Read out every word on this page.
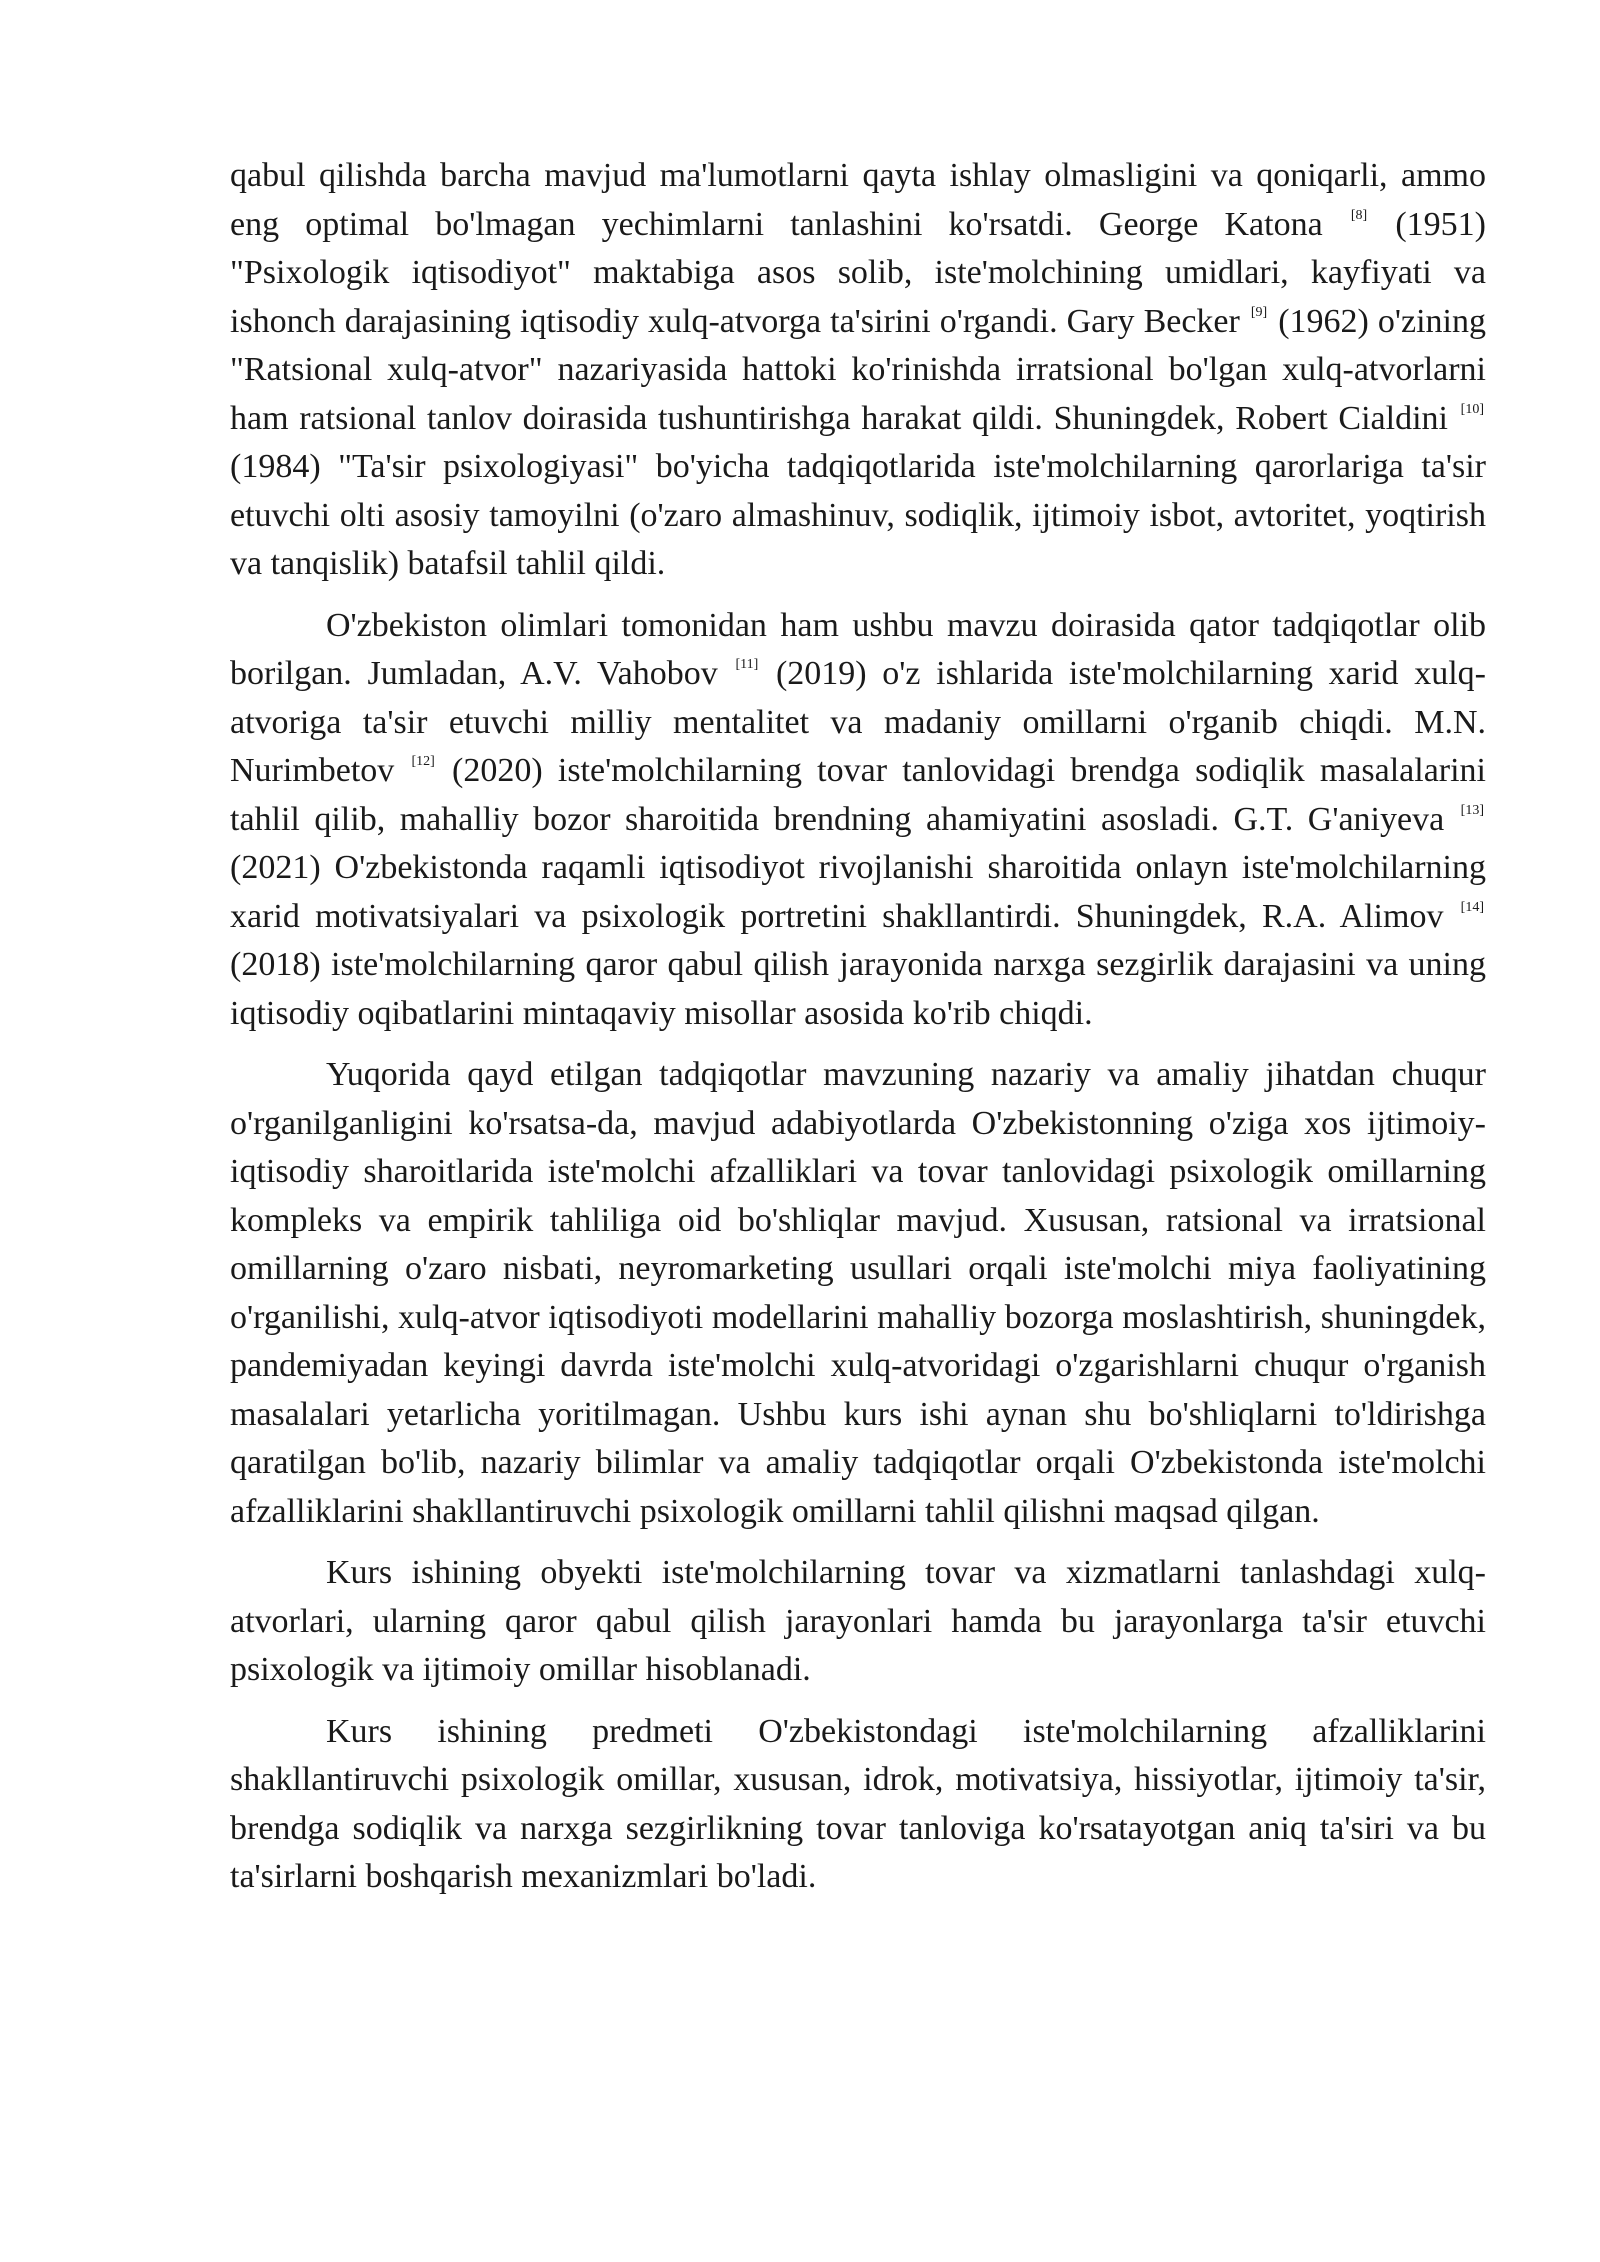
qabul qilishda barcha mavjud ma'lumotlarni qayta ishlay olmasligini va qoniqarli, ammo eng optimal bo'lmagan yechimlarni tanlashini ko'rsatdi. George Katona [8] (1951) "Psixologik iqtisodiyot" maktabiga asos solib, iste'molchining umidlari, kayfiyati va ishonch darajasining iqtisodiy xulq-atvorga ta'sirini o'rgandi. Gary Becker [9] (1962) o'zining "Ratsional xulq-atvor" nazariyasida hattoki ko'rinishda irratsional bo'lgan xulq-atvorlarni ham ratsional tanlov doirasida tushuntirishga harakat qildi. Shuningdek, Robert Cialdini [10] (1984) "Ta'sir psixologiyasi" bo'yicha tadqiqotlarida iste'molchilarning qarorlariga ta'sir etuvchi olti asosiy tamoyilni (o'zaro almashinuv, sodiqlik, ijtimoiy isbot, avtoritet, yoqtirish va tanqislik) batafsil tahlil qildi.

O'zbekiston olimlari tomonidan ham ushbu mavzu doirasida qator tadqiqotlar olib borilgan. Jumladan, A.V. Vahobov [11] (2019) o'z ishlarida iste'molchilarning xarid xulq-atvoriga ta'sir etuvchi milliy mentalitet va madaniy omillarni o'rganib chiqdi. M.N. Nurimbetov [12] (2020) iste'molchilarning tovar tanlovidagi brendga sodiqlik masalalarini tahlil qilib, mahalliy bozor sharoitida brendning ahamiyatini asosladi. G.T. G'aniyeva [13] (2021) O'zbekistonda raqamli iqtisodiyot rivojlanishi sharoitida onlayn iste'molchilarning xarid motivatsiyalari va psixologik portretini shakllantirdi. Shuningdek, R.A. Alimov [14] (2018) iste'molchilarning qaror qabul qilish jarayonida narxga sezgirlik darajasini va uning iqtisodiy oqibatlarini mintaqaviy misollar asosida ko'rib chiqdi.

Yuqorida qayd etilgan tadqiqotlar mavzuning nazariy va amaliy jihatdan chuqur o'rganilganligini ko'rsatsa-da, mavjud adabiyotlarda O'zbekistonning o'ziga xos ijtimoiy-iqtisodiy sharoitlarida iste'molchi afzalliklari va tovar tanlovidagi psixologik omillarning kompleks va empirik tahliliga oid bo'shliqlar mavjud. Xususan, ratsional va irratsional omillarning o'zaro nisbati, neyromarketing usullari orqali iste'molchi miya faoliyatining o'rganilishi, xulq-atvor iqtisodiyoti modellarini mahalliy bozorga moslashtirish, shuningdek, pandemiyadan keyingi davrda iste'molchi xulq-atvoridagi o'zgarishlarni chuqur o'rganish masalalari yetarlicha yoritilmagan. Ushbu kurs ishi aynan shu bo'shliqlarni to'ldirishga qaratilgan bo'lib, nazariy bilimlar va amaliy tadqiqotlar orqali O'zbekistonda iste'molchi afzalliklarini shakllantiruvchi psixologik omillarni tahlil qilishni maqsad qilgan.

Kurs ishining obyekti iste'molchilarning tovar va xizmatlarni tanlashdagi xulq-atvorlari, ularning qaror qabul qilish jarayonlari hamda bu jarayonlarga ta'sir etuvchi psixologik va ijtimoiy omillar hisoblanadi.

Kurs ishining predmeti O'zbekistondagi iste'molchilarning afzalliklarini shakllantiruvchi psixologik omillar, xususan, idrok, motivatsiya, hissiyotlar, ijtimoiy ta'sir, brendga sodiqlik va narxga sezgirlikning tovar tanloviga ko'rsatayotgan aniq ta'siri va bu ta'sirlarni boshqarish mexanizmlari bo'ladi.
